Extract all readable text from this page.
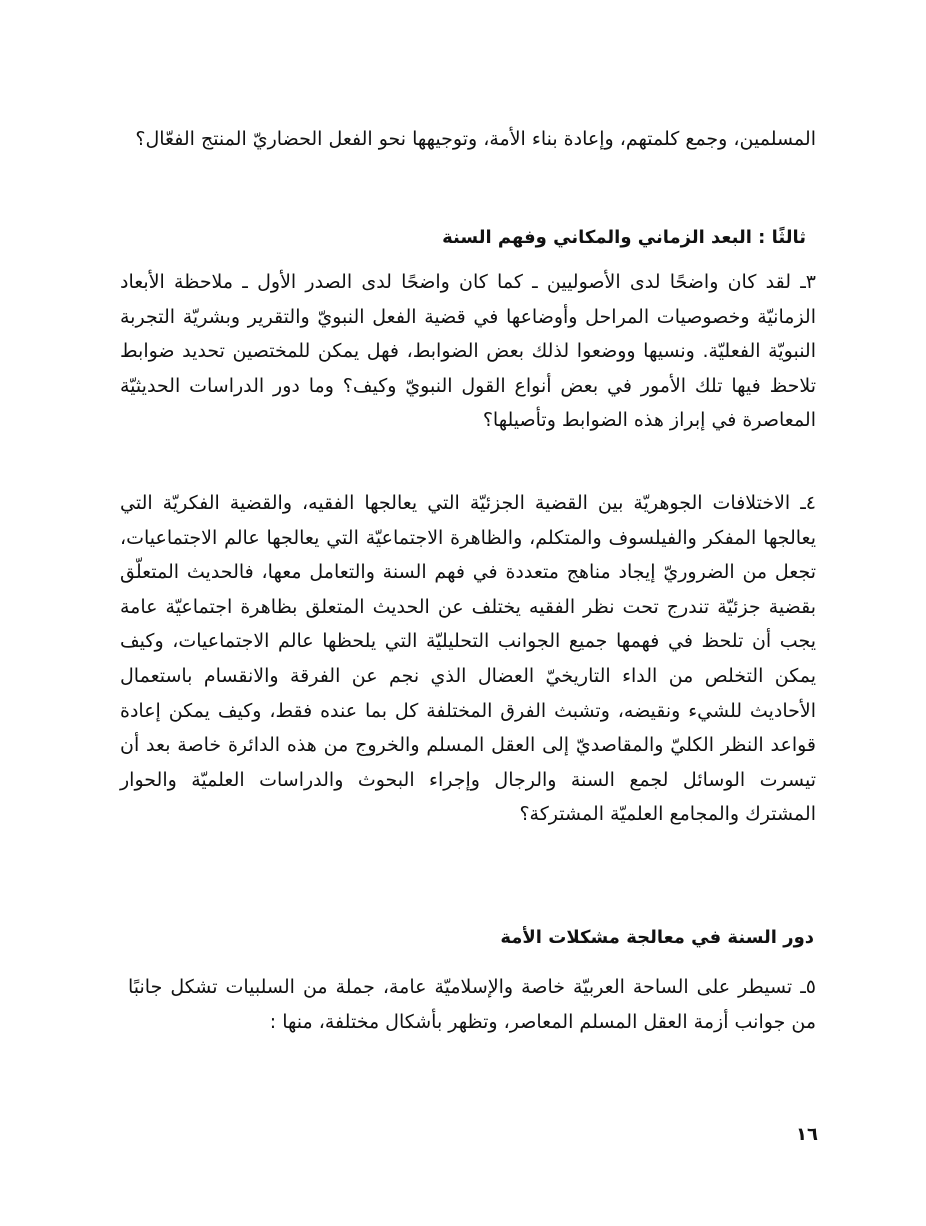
المسلمين، وجمع كلمتهم، وإعادة بناء الأمة، وتوجيهها نحو الفعل الحضاريّ المنتج الفعّال؟

ثالثًا : البعد الزماني والمكاني وفهم السنة

٣ـ لقد كان واضحًا لدى الأصوليين ـ كما كان واضحًا لدى الصدر الأول ـ ملاحظة الأبعاد الزمانيّة وخصوصيات المراحل وأوضاعها في قضية الفعل النبويّ والتقرير وبشريّة التجربة النبويّة الفعليّة. ونسيها ووضعوا لذلك بعض الضوابط، فهل يمكن للمختصين تحديد ضوابط تلاحظ فيها تلك الأمور في بعض أنواع القول النبويّ وكيف؟ وما دور الدراسات الحديثيّة المعاصرة في إبراز هذه الضوابط وتأصيلها؟

٤ـ الاختلافات الجوهريّة بين القضية الجزئيّة التي يعالجها الفقيه، والقضية الفكريّة التي يعالجها المفكر والفيلسوف والمتكلم، والظاهرة الاجتماعيّة التي يعالجها عالم الاجتماعيات، تجعل من الضروريّ إيجاد مناهج متعددة في فهم السنة والتعامل معها، فالحديث المتعلّق بقضية جزئيّة تندرج تحت نظر الفقيه يختلف عن الحديث المتعلق بظاهرة اجتماعيّة عامة يجب أن تلحظ في فهمها جميع الجوانب التحليليّة التي يلحظها عالم الاجتماعيات، وكيف يمكن التخلص من الداء التاريخيّ العضال الذي نجم عن الفرقة والانقسام باستعمال الأحاديث للشيء ونقيضه، وتشبث الفرق المختلفة كل بما عنده فقط، وكيف يمكن إعادة قواعد النظر الكليّ والمقاصديّ إلى العقل المسلم والخروج من هذه الدائرة خاصة بعد أن تيسرت الوسائل لجمع السنة والرجال وإجراء البحوث والدراسات العلميّة والحوار المشترك والمجامع العلميّة المشتركة؟

دور السنة في معالجة مشكلات الأمة

٥ـ تسيطر على الساحة العربيّة خاصة والإسلاميّة عامة، جملة من السلبيات تشكل جانبًا من جوانب أزمة العقل المسلم المعاصر، وتظهر بأشكال مختلفة، منها :

١٦
